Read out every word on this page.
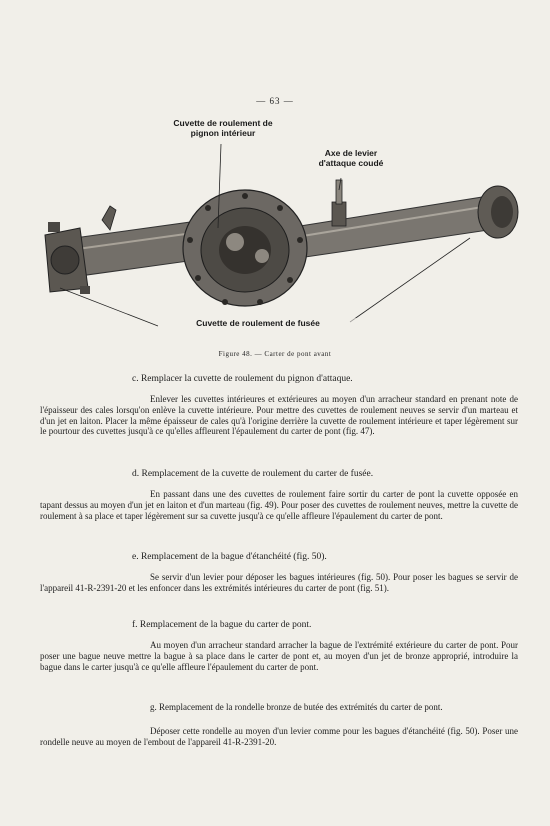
— 63 —
Cuvette de roulement de pignon intérieur
Axe de levier d'attaque coudé
Cuvette de roulement de fusée
Figure 48. — Carter de pont avant
c. Remplacer la cuvette de roulement du pignon d'attaque.
Enlever les cuvettes intérieures et extérieures au moyen d'un arracheur standard en prenant note de l'épaisseur des cales lorsqu'on enlève la cuvette intérieure. Pour mettre des cuvettes de roulement neuves se servir d'un marteau et d'un jet en laiton. Placer la même épaisseur de cales qu'à l'origine derrière la cuvette de roulement intérieure et taper légèrement sur le pourtour des cuvettes jusqu'à ce qu'elles affleurent l'épaulement du carter de pont (fig. 47).
d. Remplacement de la cuvette de roulement du carter de fusée.
En passant dans une des cuvettes de roulement faire sortir du carter de pont la cuvette opposée en tapant dessus au moyen d'un jet en laiton et d'un marteau (fig. 49). Pour poser des cuvettes de roulement neuves, mettre la cuvette de roulement à sa place et taper légèrement sur sa cuvette jusqu'à ce qu'elle affleure l'épaulement du carter de pont.
e. Remplacement de la bague d'étanchéité (fig. 50).
Se servir d'un levier pour déposer les bagues intérieures (fig. 50). Pour poser les bagues se servir de l'appareil 41-R-2391-20 et les enfoncer dans les extrémités intérieures du carter de pont (fig. 51).
f. Remplacement de la bague du carter de pont.
Au moyen d'un arracheur standard arracher la bague de l'extrémité extérieure du carter de pont. Pour poser une bague neuve mettre la bague à sa place dans le carter de pont et, au moyen d'un jet de bronze approprié, introduire la bague dans le carter jusqu'à ce qu'elle affleure l'épaulement du carter de pont.
g. Remplacement de la rondelle bronze de butée des extrémités du carter de pont.
Déposer cette rondelle au moyen d'un levier comme pour les bagues d'étanchéité (fig. 50). Poser une rondelle neuve au moyen de l'embout de l'appareil 41-R-2391-20.
